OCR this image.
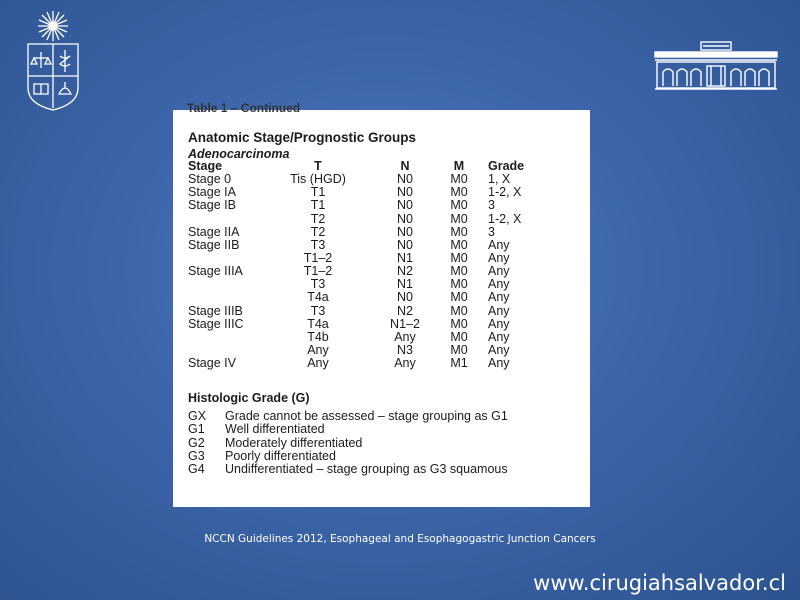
Table 1 – Continued
Anatomic Stage/Prognostic Groups
Adenocarcinoma
Stage	T	N	M	Grade
Stage 0	Tis (HGD)	N0	M0	1, X
Stage IA	T1	N0	M0	1-2, X
Stage IB	T1	N0	M0	3
	T2	N0	M0	1-2, X
Stage IIA	T2	N0	M0	3
Stage IIB	T3	N0	M0	Any
	T1–2	N1	M0	Any
Stage IIIA	T1–2	N2	M0	Any
	T3	N1	M0	Any
	T4a	N0	M0	Any
Stage IIIB	T3	N2	M0	Any
Stage IIIC	T4a	N1–2	M0	Any
	T4b	Any	M0	Any
	Any	N3	M0	Any
Stage IV	Any	Any	M1	Any
Histologic Grade (G)
GX	Grade cannot be assessed – stage grouping as G1
G1	Well differentiated
G2	Moderately differentiated
G3	Poorly differentiated
G4	Undifferentiated – stage grouping as G3 squamous
NCCN Guidelines 2012, Esophageal and Esophagogastric Junction Cancers
www.cirugiahsalvador.cl
